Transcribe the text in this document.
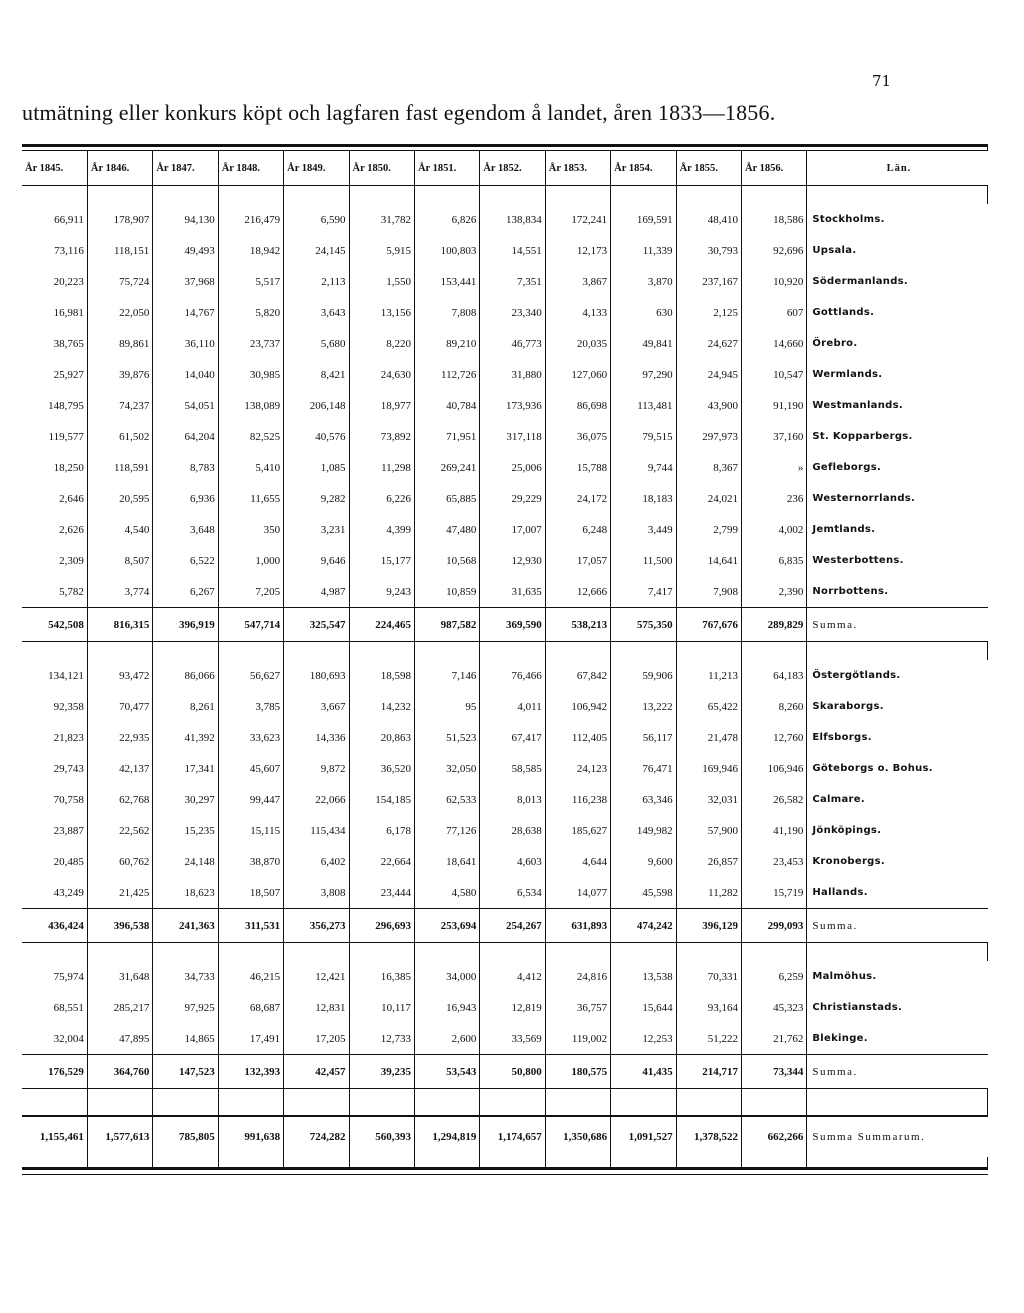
71
utmätning eller konkurs köpt och lagfaren fast egendom å landet, åren 1833—1856.

År 1845.	År 1846.	År 1847.	År 1848.	År 1849.	År 1850.	År 1851.	År 1852.	År 1853.	År 1854.	År 1855.	År 1856.	Län.

66,911	178,907	94,130	216,479	6,590	31,782	6,826	138,834	172,241	169,591	48,410	18,586	Stockholms.
73,116	118,151	49,493	18,942	24,145	5,915	100,803	14,551	12,173	11,339	30,793	92,696	Upsala.
20,223	75,724	37,968	5,517	2,113	1,550	153,441	7,351	3,867	3,870	237,167	10,920	Södermanlands.
16,981	22,050	14,767	5,820	3,643	13,156	7,808	23,340	4,133	630	2,125	607	Gottlands.
38,765	89,861	36,110	23,737	5,680	8,220	89,210	46,773	20,035	49,841	24,627	14,660	Örebro.
25,927	39,876	14,040	30,985	8,421	24,630	112,726	31,880	127,060	97,290	24,945	10,547	Wermlands.
148,795	74,237	54,051	138,089	206,148	18,977	40,784	173,936	86,698	113,481	43,900	91,190	Westmanlands.
119,577	61,502	64,204	82,525	40,576	73,892	71,951	317,118	36,075	79,515	297,973	37,160	St. Kopparbergs.
18,250	118,591	8,783	5,410	1,085	11,298	269,241	25,006	15,788	9,744	8,367	»	Gefleborgs.
2,646	20,595	6,936	11,655	9,282	6,226	65,885	29,229	24,172	18,183	24,021	236	Westernorrlands.
2,626	4,540	3,648	350	3,231	4,399	47,480	17,007	6,248	3,449	2,799	4,002	Jemtlands.
2,309	8,507	6,522	1,000	9,646	15,177	10,568	12,930	17,057	11,500	14,641	6,835	Westerbottens.
5,782	3,774	6,267	7,205	4,987	9,243	10,859	31,635	12,666	7,417	7,908	2,390	Norrbottens.
542,508	816,315	396,919	547,714	325,547	224,465	987,582	369,590	538,213	575,350	767,676	289,829	Summa.

134,121	93,472	86,066	56,627	180,693	18,598	7,146	76,466	67,842	59,906	11,213	64,183	Östergötlands.
92,358	70,477	8,261	3,785	3,667	14,232	95	4,011	106,942	13,222	65,422	8,260	Skaraborgs.
21,823	22,935	41,392	33,623	14,336	20,863	51,523	67,417	112,405	56,117	21,478	12,760	Elfsborgs.
29,743	42,137	17,341	45,607	9,872	36,520	32,050	58,585	24,123	76,471	169,946	106,946	Göteborgs o. Bohus.
70,758	62,768	30,297	99,447	22,066	154,185	62,533	8,013	116,238	63,346	32,031	26,582	Calmare.
23,887	22,562	15,235	15,115	115,434	6,178	77,126	28,638	185,627	149,982	57,900	41,190	Jönköpings.
20,485	60,762	24,148	38,870	6,402	22,664	18,641	4,603	4,644	9,600	26,857	23,453	Kronobergs.
43,249	21,425	18,623	18,507	3,808	23,444	4,580	6,534	14,077	45,598	11,282	15,719	Hallands.
436,424	396,538	241,363	311,531	356,273	296,693	253,694	254,267	631,893	474,242	396,129	299,093	Summa.

75,974	31,648	34,733	46,215	12,421	16,385	34,000	4,412	24,816	13,538	70,331	6,259	Malmöhus.
68,551	285,217	97,925	68,687	12,831	10,117	16,943	12,819	36,757	15,644	93,164	45,323	Christianstads.
32,004	47,895	14,865	17,491	17,205	12,733	2,600	33,569	119,002	12,253	51,222	21,762	Blekinge.
176,529	364,760	147,523	132,393	42,457	39,235	53,543	50,800	180,575	41,435	214,717	73,344	Summa.

1,155,461	1,577,613	785,805	991,638	724,282	560,393	1,294,819	1,174,657	1,350,686	1,091,527	1,378,522	662,266	Summa Summarum.
